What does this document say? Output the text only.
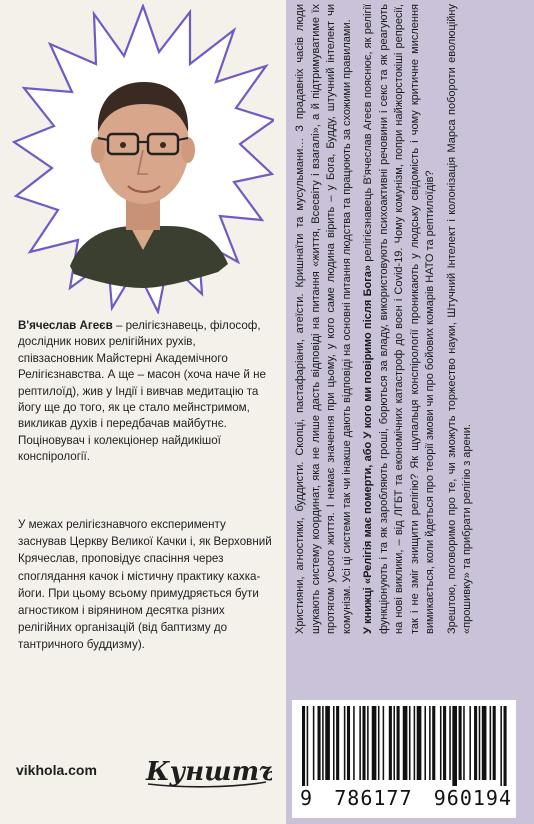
В'ячеслав Агеєв – релігієзнавець, філософ, дослідник нових релігійних рухів, співзасновник Майстерні Академічного Релігієзнавства. А ще – масон (хоча наче й не рептилоїд), жив у Індії і вивчав медитацію та йогу ще до того, як це стало мейнстримом, викликав духів і передбачав майбутнє. Поціновувач і колекціонер найдикішої конспірології.

У межах релігієзнавчого експерименту заснував Церкву Великої Качки і, як Верховний Крячеслав, проповідує спасіння через споглядання качок і містичну практику кахка-йоги. При цьому всьому примудряється бути агностиком і вірянином десятка різних релігійних організацій (від баптизму до тантричного буддизму).

vikhola.com Кунштъ

Християни, агностики, буддисти. Скопці, пастафаріани, атеїсти. Кришнаїти та мусульмани… З прадавніх часів люди шукають систему координат, яка не лише дасть відповіді на питання «життя, Всесвіту і взагалі», а й підтримуватиме їх протягом усього життя. І немає значення при цьому, у кого саме людина вірить – у Бога, Будду, штучний інтелект чи комунізм. Усі ці системи так чи інакше дають відповіді на основні питання людства та працюють за схожими правилами. У книжці «Релігія має померти, або У кого ми повіримо після Бога» релігієзнавець В'ячеслав Агеєв пояснює, як релігії функціонують і та як заробляють гроші, борються за владу, використовують психоактивні речовини і секс та як реагують на нові виклики, – від ЛГБТ та економічних катастроф до воєн і Covid-19. Чому комунізм, попри найжорстокіші репресії, так і не зміг знищити релігію? Як щупальця конспірології проникають у людську свідомість і чому критичне мислення вимикається, коли йдеться про теорії змови чи про бойових комарів НАТО та рептилоїдів? Зрештою, поговоримо про те, чи зможуть торжество науки, Штучний Інтелект і колонізація Марса побороти еволюційну «прошивку» та прибрати релігію з арени.

9 786177 960194
